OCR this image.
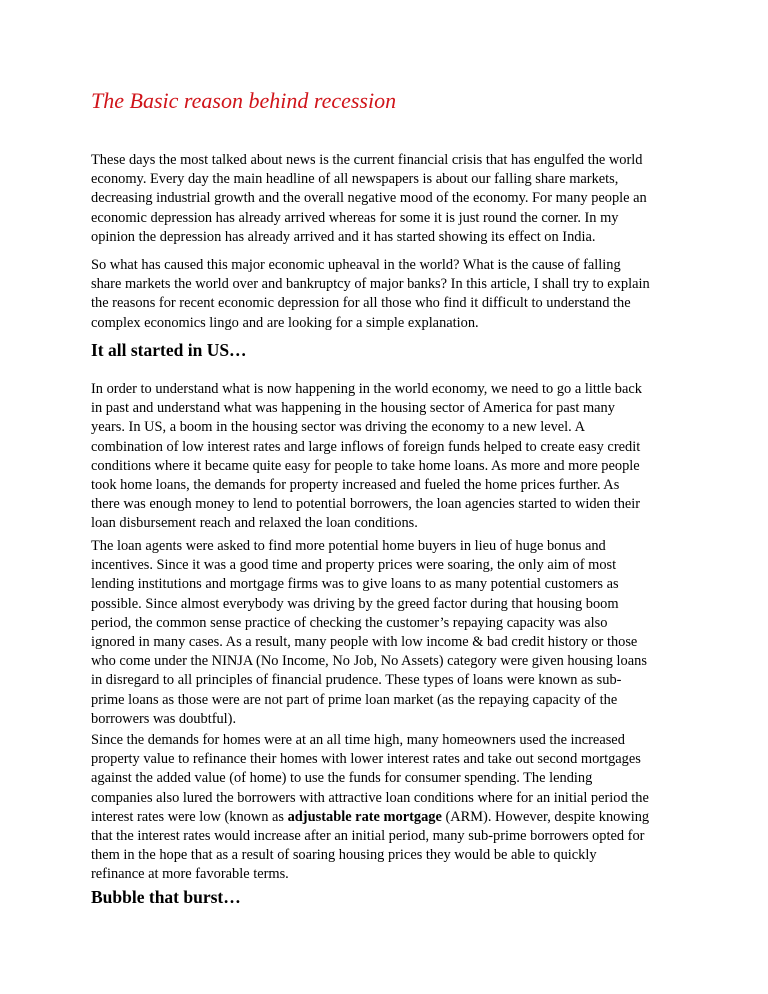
The Basic reason behind recession

These days the most talked about news is the current financial crisis that has engulfed the world
economy. Every day the main headline of all newspapers is about our falling share markets,
decreasing industrial growth and the overall negative mood of the economy. For many people an
economic depression has already arrived whereas for some it is just round the corner. In my
opinion the depression has already arrived and it has started showing its effect on India.

So what has caused this major economic upheaval in the world? What is the cause of falling
share markets the world over and bankruptcy of major banks? In this article, I shall try to explain
the reasons for recent economic depression for all those who find it difficult to understand the
complex economics lingo and are looking for a simple explanation.

It all started in US…

In order to understand what is now happening in the world economy, we need to go a little back
in past and understand what was happening in the housing sector of America for past many
years. In US, a boom in the housing sector was driving the economy to a new level. A
combination of low interest rates and large inflows of foreign funds helped to create easy credit
conditions where it became quite easy for people to take home loans. As more and more people
took home loans, the demands for property increased and fueled the home prices further. As
there was enough money to lend to potential borrowers, the loan agencies started to widen their
loan disbursement reach and relaxed the loan conditions.

The loan agents were asked to find more potential home buyers in lieu of huge bonus and
incentives. Since it was a good time and property prices were soaring, the only aim of most
lending institutions and mortgage firms was to give loans to as many potential customers as
possible. Since almost everybody was driving by the greed factor during that housing boom
period, the common sense practice of checking the customer’s repaying capacity was also
ignored in many cases. As a result, many people with low income & bad credit history or those
who come under the NINJA (No Income, No Job, No Assets) category were given housing loans
in disregard to all principles of financial prudence. These types of loans were known as sub-
prime loans as those were are not part of prime loan market (as the repaying capacity of the
borrowers was doubtful).

Since the demands for homes were at an all time high, many homeowners used the increased
property value to refinance their homes with lower interest rates and take out second mortgages
against the added value (of home) to use the funds for consumer spending. The lending
companies also lured the borrowers with attractive loan conditions where for an initial period the
interest rates were low (known as adjustable rate mortgage (ARM). However, despite knowing
that the interest rates would increase after an initial period, many sub-prime borrowers opted for
them in the hope that as a result of soaring housing prices they would be able to quickly
refinance at more favorable terms.

Bubble that burst…
